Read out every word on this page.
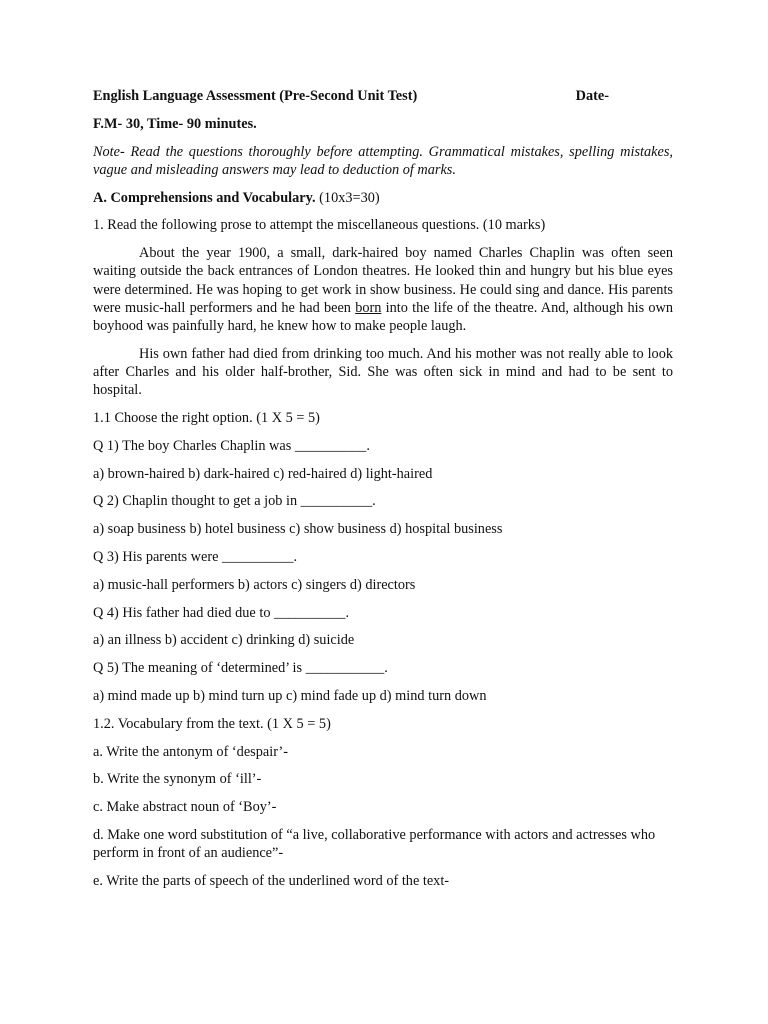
English Language Assessment (Pre-Second Unit Test)	Date-

F.M- 30, Time- 90 minutes.

Note- Read the questions thoroughly before attempting. Grammatical mistakes, spelling mistakes, vague and misleading answers may lead to deduction of marks.

A. Comprehensions and Vocabulary. (10x3=30)

1. Read the following prose to attempt the miscellaneous questions. (10 marks)

About the year 1900, a small, dark-haired boy named Charles Chaplin was often seen waiting outside the back entrances of London theatres. He looked thin and hungry but his blue eyes were determined. He was hoping to get work in show business. He could sing and dance. His parents were music-hall performers and he had been born into the life of the theatre. And, although his own boyhood was painfully hard, he knew how to make people laugh.

His own father had died from drinking too much. And his mother was not really able to look after Charles and his older half-brother, Sid. She was often sick in mind and had to be sent to hospital.

1.1 Choose the right option. (1 X 5 = 5)

Q 1) The boy Charles Chaplin was __________.

a) brown-haired b) dark-haired c) red-haired d) light-haired

Q 2) Chaplin thought to get a job in __________.

a) soap business b) hotel business c) show business d) hospital business

Q 3) His parents were __________.

a) music-hall performers b) actors c) singers d) directors

Q 4) His father had died due to __________.

a) an illness b) accident c) drinking d) suicide

Q 5) The meaning of ‘determined’ is ___________.

a) mind made up b) mind turn up c) mind fade up d) mind turn down

1.2. Vocabulary from the text. (1 X 5 = 5)

a. Write the antonym of ‘despair’-

b. Write the synonym of ‘ill’-

c. Make abstract noun of ‘Boy’-

d. Make one word substitution of “a live, collaborative performance with actors and actresses who perform in front of an audience”-

e. Write the parts of speech of the underlined word of the text-
